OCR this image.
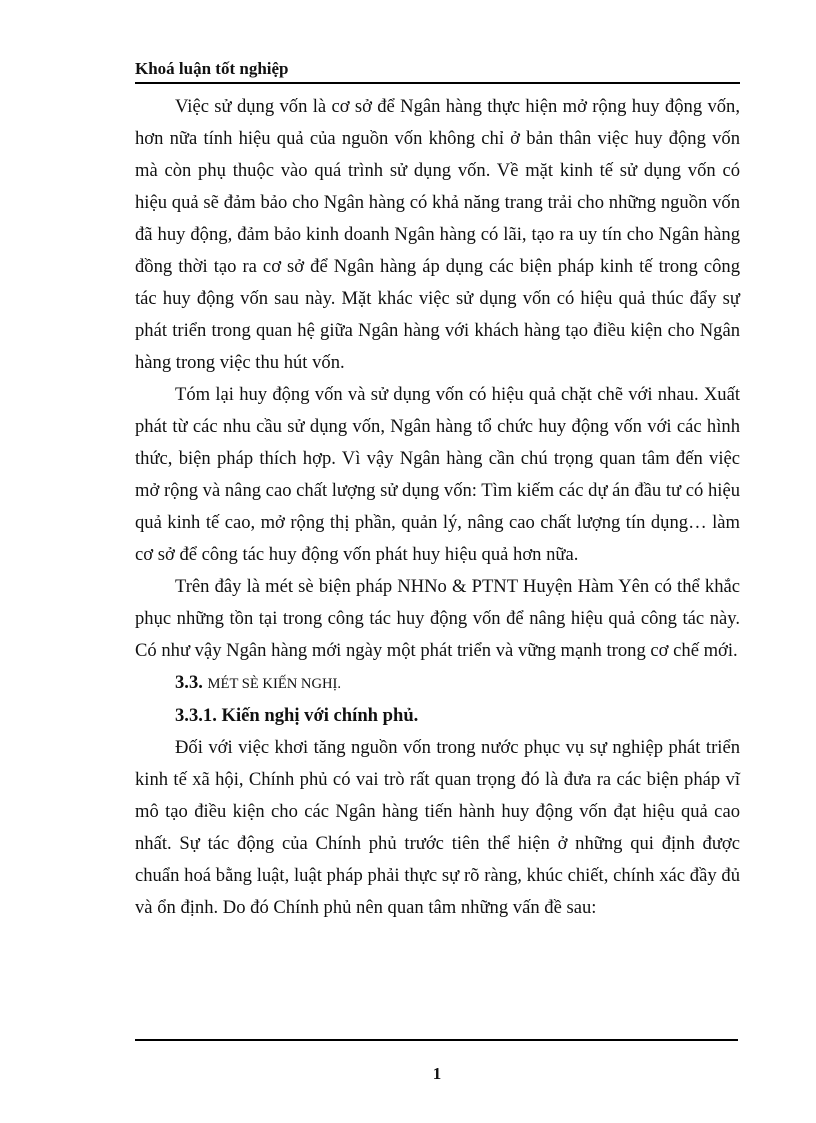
Khoá luận tốt nghiệp

Việc sử dụng vốn là cơ sở để Ngân hàng thực hiện mở rộng huy động vốn, hơn nữa tính hiệu quả của nguồn vốn không chỉ ở bản thân việc huy động vốn mà còn phụ thuộc vào quá trình sử dụng vốn. Về mặt kinh tế sử dụng vốn có hiệu quả sẽ đảm bảo cho Ngân hàng có khả năng trang trải cho những nguồn vốn đã huy động, đảm bảo kinh doanh Ngân hàng có lãi, tạo ra uy tín cho Ngân hàng đồng thời tạo ra cơ sở để Ngân hàng áp dụng các biện pháp kinh tế trong công tác huy động vốn sau này. Mặt khác việc sử dụng vốn có hiệu quả thúc đẩy sự phát triển trong quan hệ giữa Ngân hàng với khách hàng tạo điều kiện cho Ngân hàng trong việc thu hút vốn.

Tóm lại huy động vốn và sử dụng vốn có hiệu quả chặt chẽ với nhau. Xuất phát từ các nhu cầu sử dụng vốn, Ngân hàng tổ chức huy động vốn với các hình thức, biện pháp thích hợp. Vì vậy Ngân hàng cần chú trọng quan tâm đến việc mở rộng và nâng cao chất lượng sử dụng vốn: Tìm kiếm các dự án đầu tư có hiệu quả kinh tế cao, mở rộng thị phần, quản lý, nâng cao chất lượng tín dụng… làm cơ sở để công tác huy động vốn phát huy hiệu quả hơn nữa.

Trên đây là mét sè biện pháp NHNo & PTNT Huyện Hàm Yên có thể khắc phục những tồn tại trong công tác huy động vốn để nâng hiệu quả công tác này. Có như vậy Ngân hàng mới ngày một phát triển và vững mạnh trong cơ chế mới.

3.3. MÉT SÈ KIẾN NGHỊ.

3.3.1. Kiến nghị với chính phủ.

Đối với việc khơi tăng nguồn vốn trong nước phục vụ sự nghiệp phát triển kinh tế xã hội, Chính phủ có vai trò rất quan trọng đó là đưa ra các biện pháp vĩ mô tạo điều kiện cho các Ngân hàng tiến hành huy động vốn đạt hiệu quả cao nhất. Sự tác động của Chính phủ trước tiên thể hiện ở những qui định được chuẩn hoá bằng luật, luật pháp phải thực sự rõ ràng, khúc chiết, chính xác đầy đủ và ổn định. Do đó Chính phủ nên quan tâm những vấn đề sau:

1
